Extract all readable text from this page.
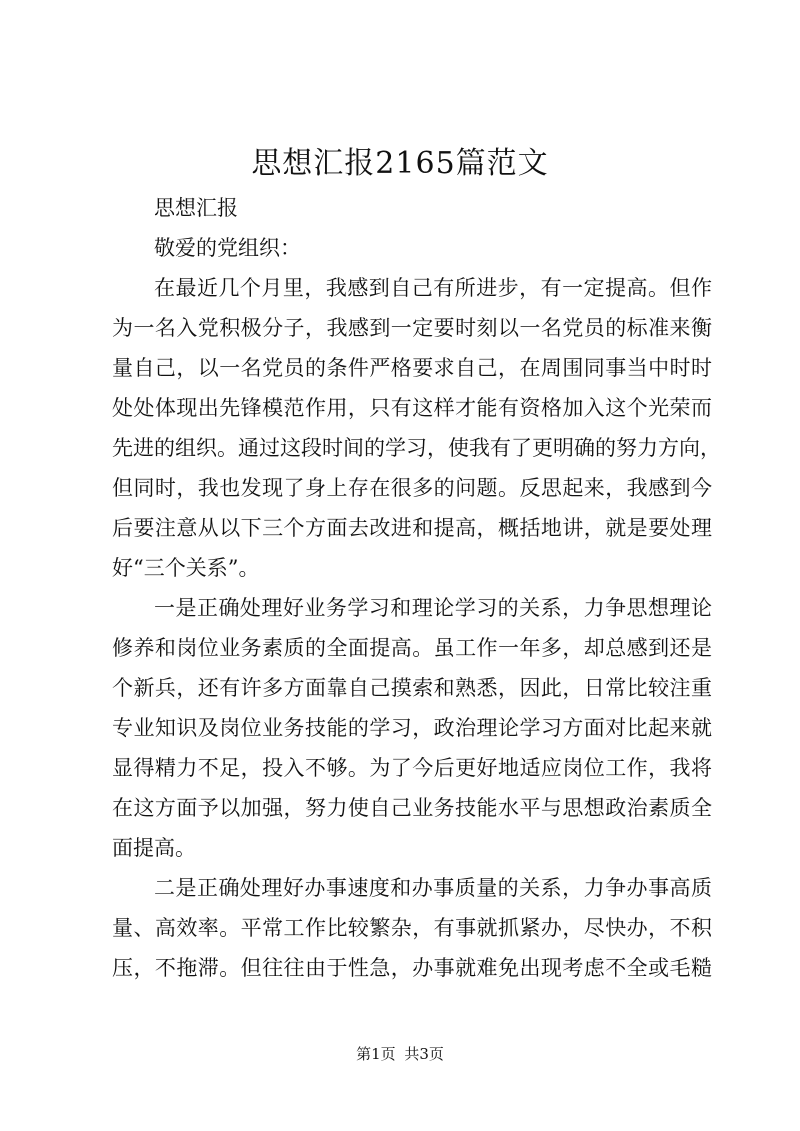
思想汇报2165篇范文
思想汇报
敬爱的党组织：
在最近几个月里，我感到自己有所进步，有一定提高。但作
为一名入党积极分子，我感到一定要时刻以一名党员的标准来衡
量自己，以一名党员的条件严格要求自己，在周围同事当中时时
处处体现出先锋模范作用，只有这样才能有资格加入这个光荣而
先进的组织。通过这段时间的学习，使我有了更明确的努力方向，
但同时，我也发现了身上存在很多的问题。反思起来，我感到今
后要注意从以下三个方面去改进和提高，概括地讲，就是要处理
好“三个关系”。
一是正确处理好业务学习和理论学习的关系，力争思想理论
修养和岗位业务素质的全面提高。虽工作一年多，却总感到还是
个新兵，还有许多方面靠自己摸索和熟悉，因此，日常比较注重
专业知识及岗位业务技能的学习，政治理论学习方面对比起来就
显得精力不足，投入不够。为了今后更好地适应岗位工作，我将
在这方面予以加强，努力使自己业务技能水平与思想政治素质全
面提高。
二是正确处理好办事速度和办事质量的关系，力争办事高质
量、高效率。平常工作比较繁杂，有事就抓紧办，尽快办，不积
压，不拖滞。但往往由于性急，办事就难免出现考虑不全或毛糙
第1页 共3页
